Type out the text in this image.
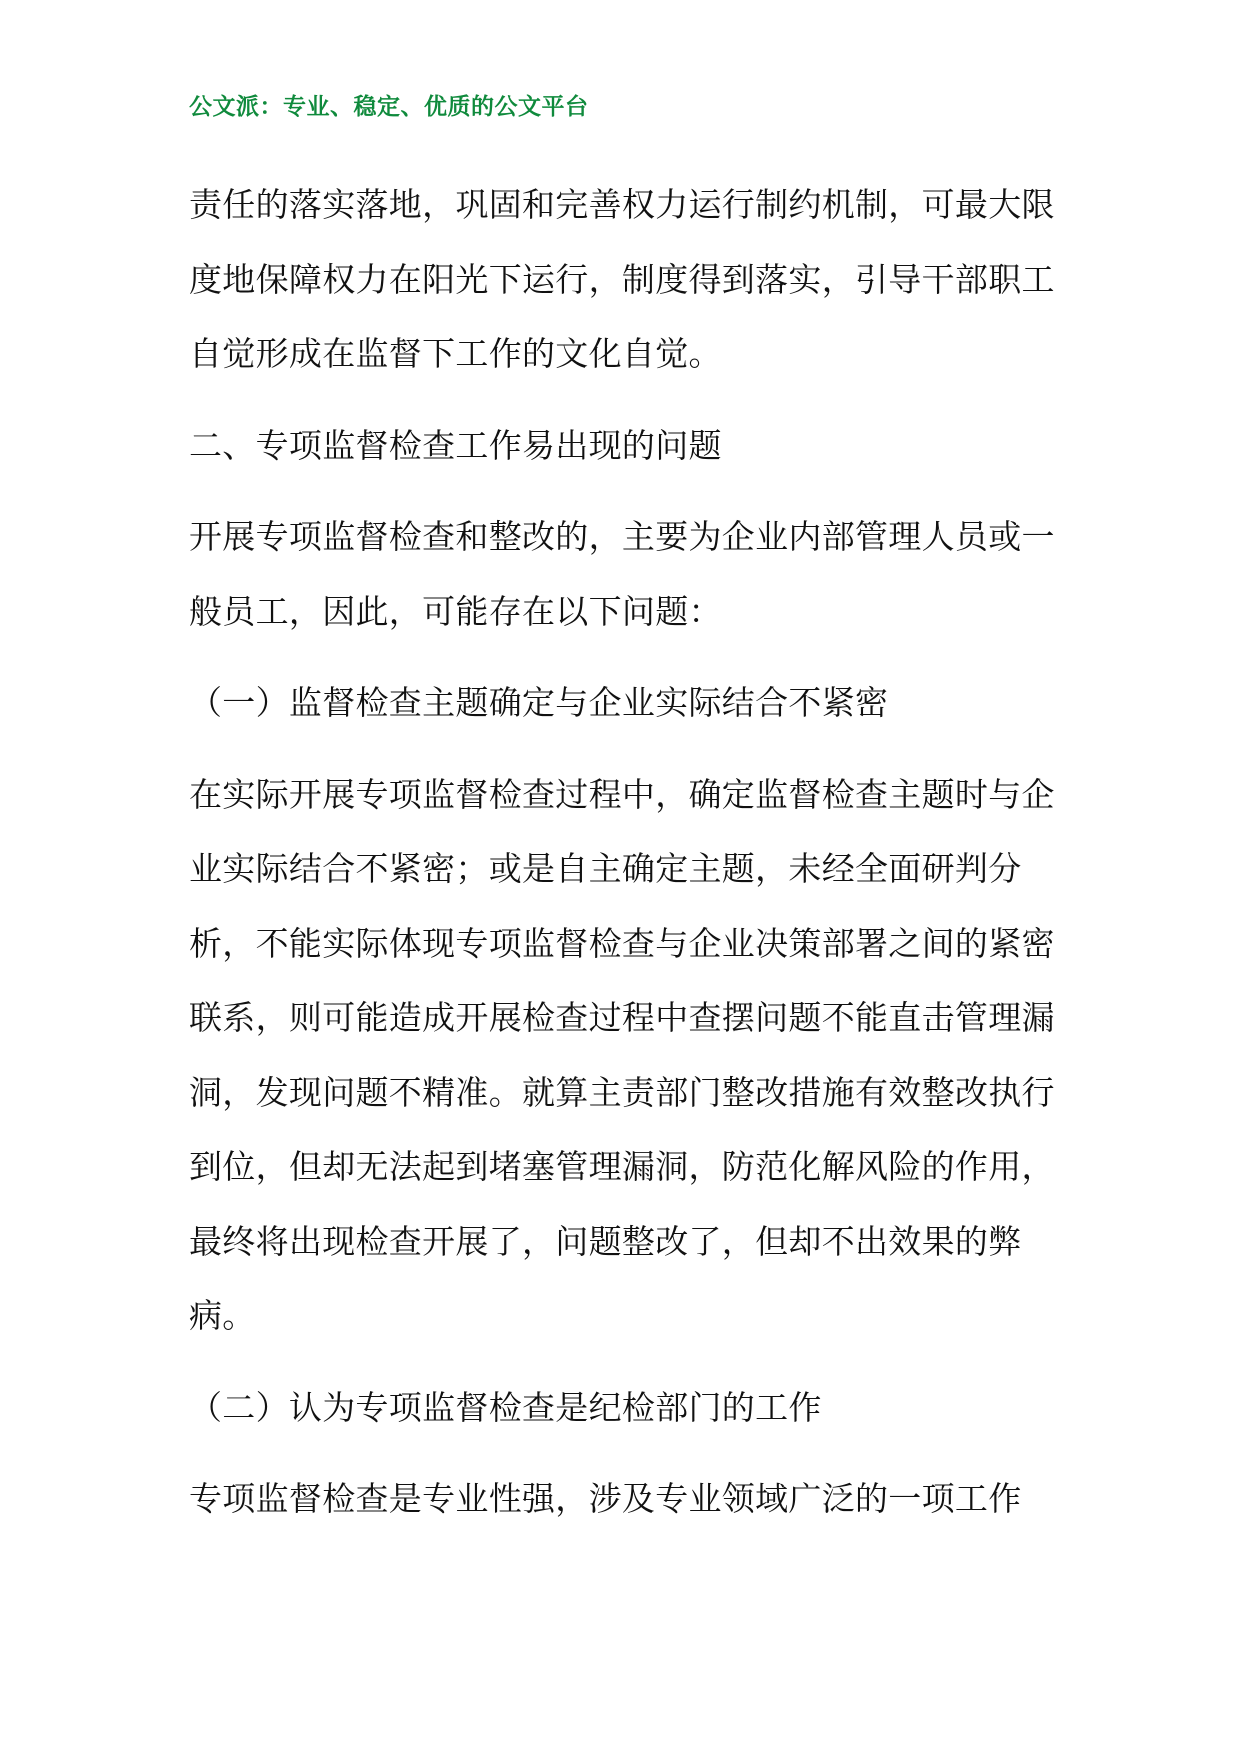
公文派：专业、稳定、优质的公文平台

责任的落实落地，巩固和完善权力运行制约机制，可最大限度地保障权力在阳光下运行，制度得到落实，引导干部职工自觉形成在监督下工作的文化自觉。

二、专项监督检查工作易出现的问题

开展专项监督检查和整改的，主要为企业内部管理人员或一般员工，因此，可能存在以下问题：

（一）监督检查主题确定与企业实际结合不紧密

在实际开展专项监督检查过程中，确定监督检查主题时与企业实际结合不紧密；或是自主确定主题，未经全面研判分析，不能实际体现专项监督检查与企业决策部署之间的紧密联系，则可能造成开展检查过程中查摆问题不能直击管理漏洞，发现问题不精准。就算主责部门整改措施有效整改执行到位，但却无法起到堵塞管理漏洞，防范化解风险的作用，最终将出现检查开展了，问题整改了，但却不出效果的弊病。

（二）认为专项监督检查是纪检部门的工作

专项监督检查是专业性强，涉及专业领域广泛的一项工作
